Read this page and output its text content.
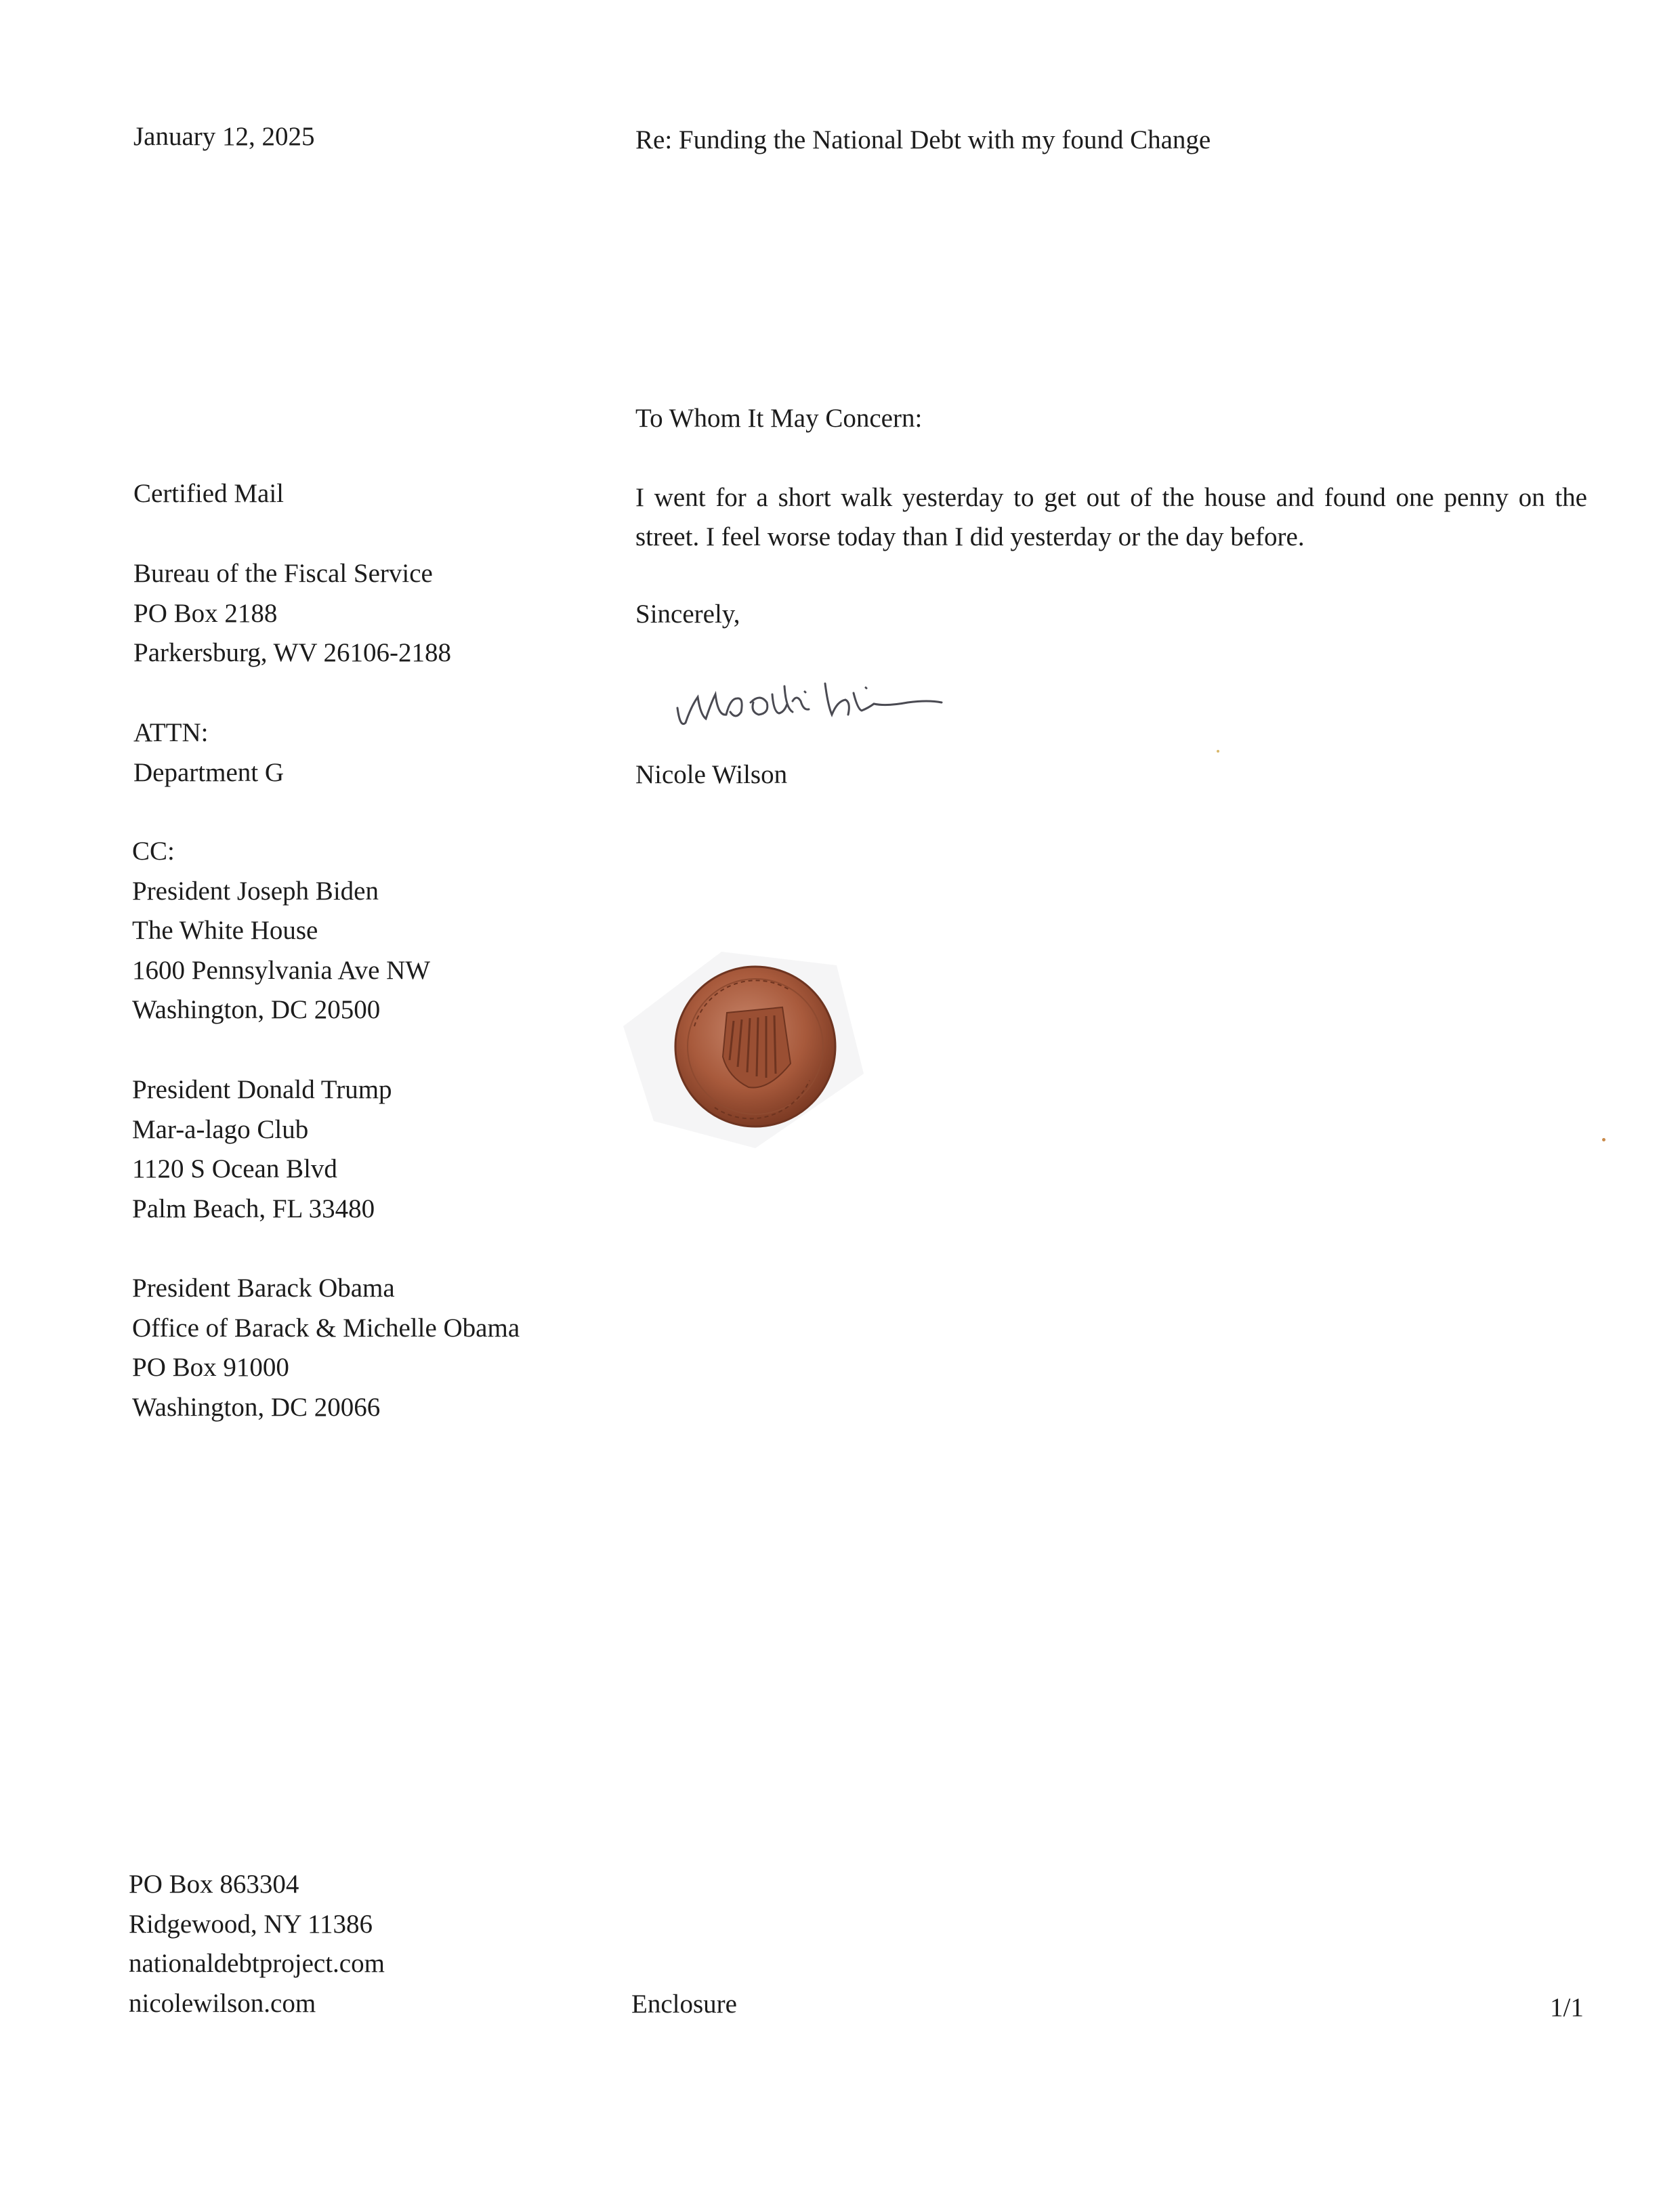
January 12, 2025	Re: Funding the National Debt with my found Change
Certified Mail
Bureau of the Fiscal Service
PO Box 2188
Parkersburg, WV 26106-2188
ATTN:
Department G
CC:
President Joseph Biden
The White House
1600 Pennsylvania Ave NW
Washington, DC 20500
President Donald Trump
Mar-a-lago Club
1120 S Ocean Blvd
Palm Beach, FL 33480
President Barack Obama
Office of Barack & Michelle Obama
PO Box 91000
Washington, DC 20066
To Whom It May Concern:
I went for a short walk yesterday to get out of the house and found one penny on the street. I feel worse today than I did yesterday or the day before.
Sincerely,
Nicole Wilson
PO Box 863304
Ridgewood, NY 11386
nationaldebtproject.com
nicolewilson.com	Enclosure	1/1
